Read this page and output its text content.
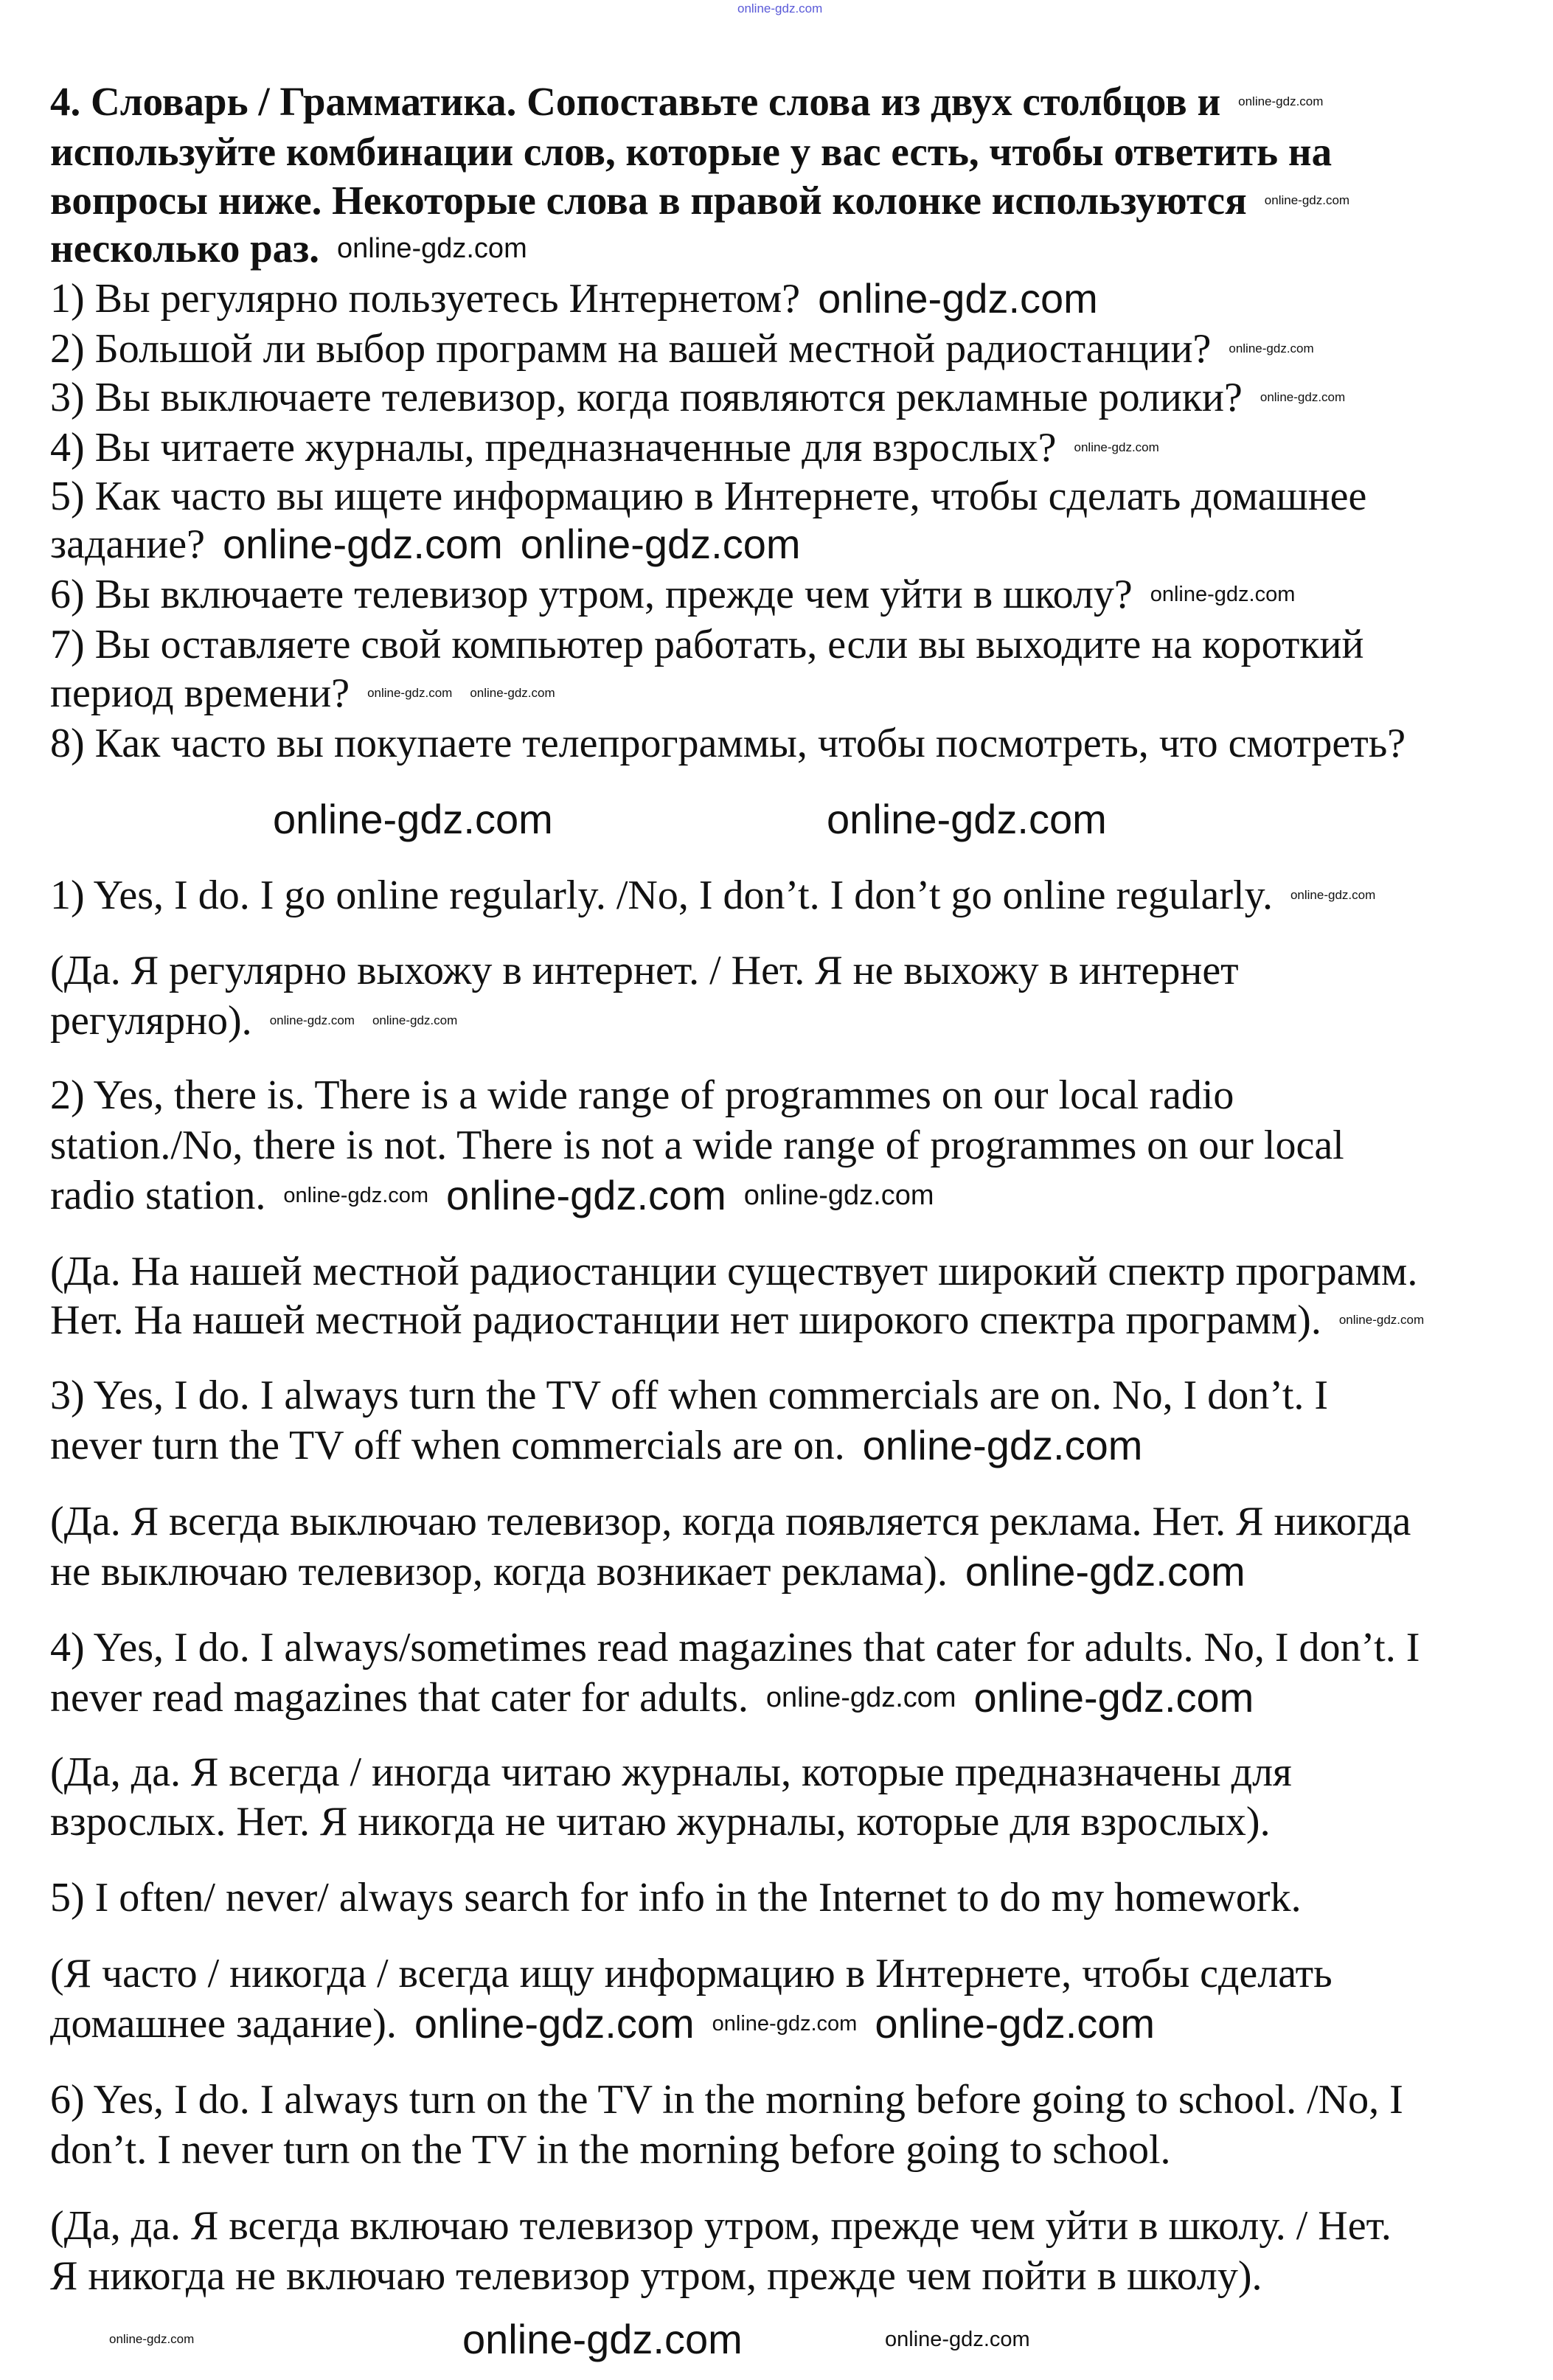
4. Словарь / Грамматика. Сопоставьте слова из двух столбцов и
используйте комбинации слов, которые у вас есть, чтобы ответить на
вопросы ниже. Некоторые слова в правой колонке используются
несколько раз.
1) Вы регулярно пользуетесь Интернетом?
2) Большой ли выбор программ на вашей местной радиостанции?
3) Вы выключаете телевизор, когда появляются рекламные ролики?
4) Вы читаете журналы, предназначенные для взрослых?
5) Как часто вы ищете информацию в Интернете, чтобы сделать домашнее
задание?
6) Вы включаете телевизор утром, прежде чем уйти в школу?
7) Вы оставляете свой компьютер работать, если вы выходите на короткий
период времени?
8) Как часто вы покупаете телепрограммы, чтобы посмотреть, что смотреть?
1) Yes, I do. I go online regularly. /No, I don’t. I don’t go online regularly.
(Да. Я регулярно выхожу в интернет. / Нет. Я не выхожу в интернет
регулярно).
2) Yes, there is. There is a wide range of programmes on our local radio
station./No, there is not. There is not a wide range of programmes on our local
radio station.
(Да. На нашей местной радиостанции существует широкий спектр программ.
Нет. На нашей местной радиостанции нет широкого спектра программ).
3) Yes, I do. I always turn the TV off when commercials are on. No, I don’t. I
never turn the TV off when commercials are on.
(Да. Я всегда выключаю телевизор, когда появляется реклама. Нет. Я никогда
не выключаю телевизор, когда возникает реклама).
4) Yes, I do. I always/sometimes read magazines that cater for adults. No, I don’t. I
never read magazines that cater for adults.
(Да, да. Я всегда / иногда читаю журналы, которые предназначены для
взрослых. Нет. Я никогда не читаю журналы, которые для взрослых).
5) I often/ never/ always search for info in the Internet to do my homework.
(Я часто / никогда / всегда ищу информацию в Интернете, чтобы сделать
домашнее задание).
6) Yes, I do. I always turn on the TV in the morning before going to school. /No, I
don’t. I never turn on the TV in the morning before going to school.
(Да, да. Я всегда включаю телевизор утром, прежде чем уйти в школу. / Нет.
Я никогда не включаю телевизор утром, прежде чем пойти в школу).
online-gdz.com
online-gdz.com
online-gdz.com
online-gdz.com online-gdz.com
online-gdz.com
online-gdz.com online-gdz.com online-gdz.com
online-gdz.com
online-gdz.com
online-gdz.com online-gdz.com
online-gdz.com online-gdz.com online-gdz.com
online-gdz.com
online-gdz.com
online-gdz.com
online-gdz.com
online-gdz.com
online-gdz.com online-gdz.com
online-gdz.com
online-gdz.com online-gdz.com
online-gdz.com
online-gdz.com	online-gdz.com
online-gdz.com
online-gdz.com	online-gdz.com
